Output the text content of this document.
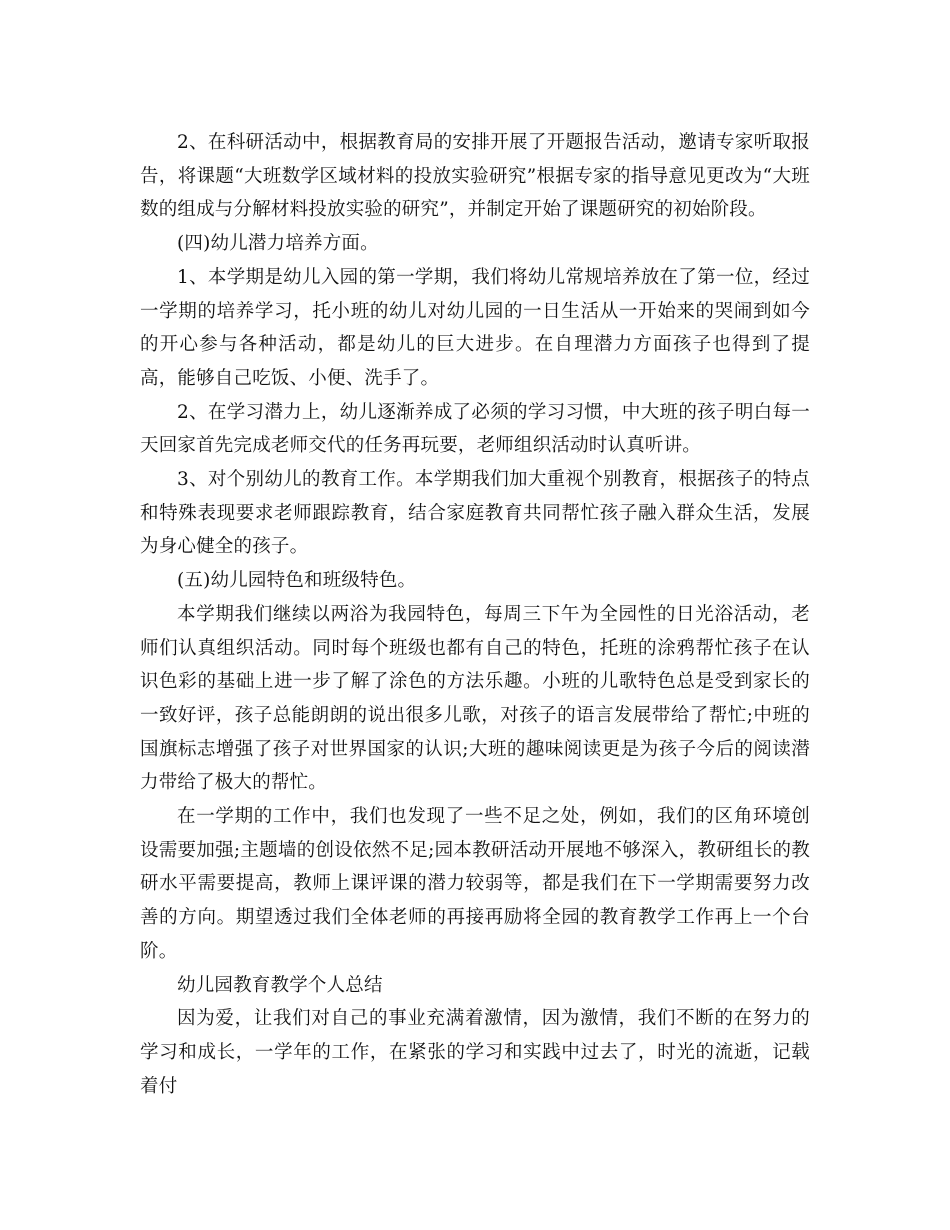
2、在科研活动中，根据教育局的安排开展了开题报告活动，邀请专家听取报告，将课题“大班数学区域材料的投放实验研究”根据专家的指导意见更改为“大班数的组成与分解材料投放实验的研究”，并制定开始了课题研究的初始阶段。

(四)幼儿潜力培养方面。

1、本学期是幼儿入园的第一学期，我们将幼儿常规培养放在了第一位，经过一学期的培养学习，托小班的幼儿对幼儿园的一日生活从一开始来的哭闹到如今的开心参与各种活动，都是幼儿的巨大进步。在自理潜力方面孩子也得到了提高，能够自己吃饭、小便、洗手了。

2、在学习潜力上，幼儿逐渐养成了必须的学习习惯，中大班的孩子明白每一天回家首先完成老师交代的任务再玩要，老师组织活动时认真听讲。

3、对个别幼儿的教育工作。本学期我们加大重视个别教育，根据孩子的特点和特殊表现要求老师跟踪教育，结合家庭教育共同帮忙孩子融入群众生活，发展为身心健全的孩子。

(五)幼儿园特色和班级特色。

本学期我们继续以两浴为我园特色，每周三下午为全园性的日光浴活动，老师们认真组织活动。同时每个班级也都有自己的特色，托班的涂鸦帮忙孩子在认识色彩的基础上进一步了解了涂色的方法乐趣。小班的儿歌特色总是受到家长的一致好评，孩子总能朗朗的说出很多儿歌，对孩子的语言发展带给了帮忙;中班的国旗标志增强了孩子对世界国家的认识;大班的趣味阅读更是为孩子今后的阅读潜力带给了极大的帮忙。

在一学期的工作中，我们也发现了一些不足之处，例如，我们的区角环境创设需要加强;主题墙的创设依然不足;园本教研活动开展地不够深入，教研组长的教研水平需要提高，教师上课评课的潜力较弱等，都是我们在下一学期需要努力改善的方向。期望透过我们全体老师的再接再励将全园的教育教学工作再上一个台阶。

幼儿园教育教学个人总结

因为爱，让我们对自己的事业充满着激情，因为激情，我们不断的在努力的学习和成长，一学年的工作，在紧张的学习和实践中过去了，时光的流逝，记载着付
